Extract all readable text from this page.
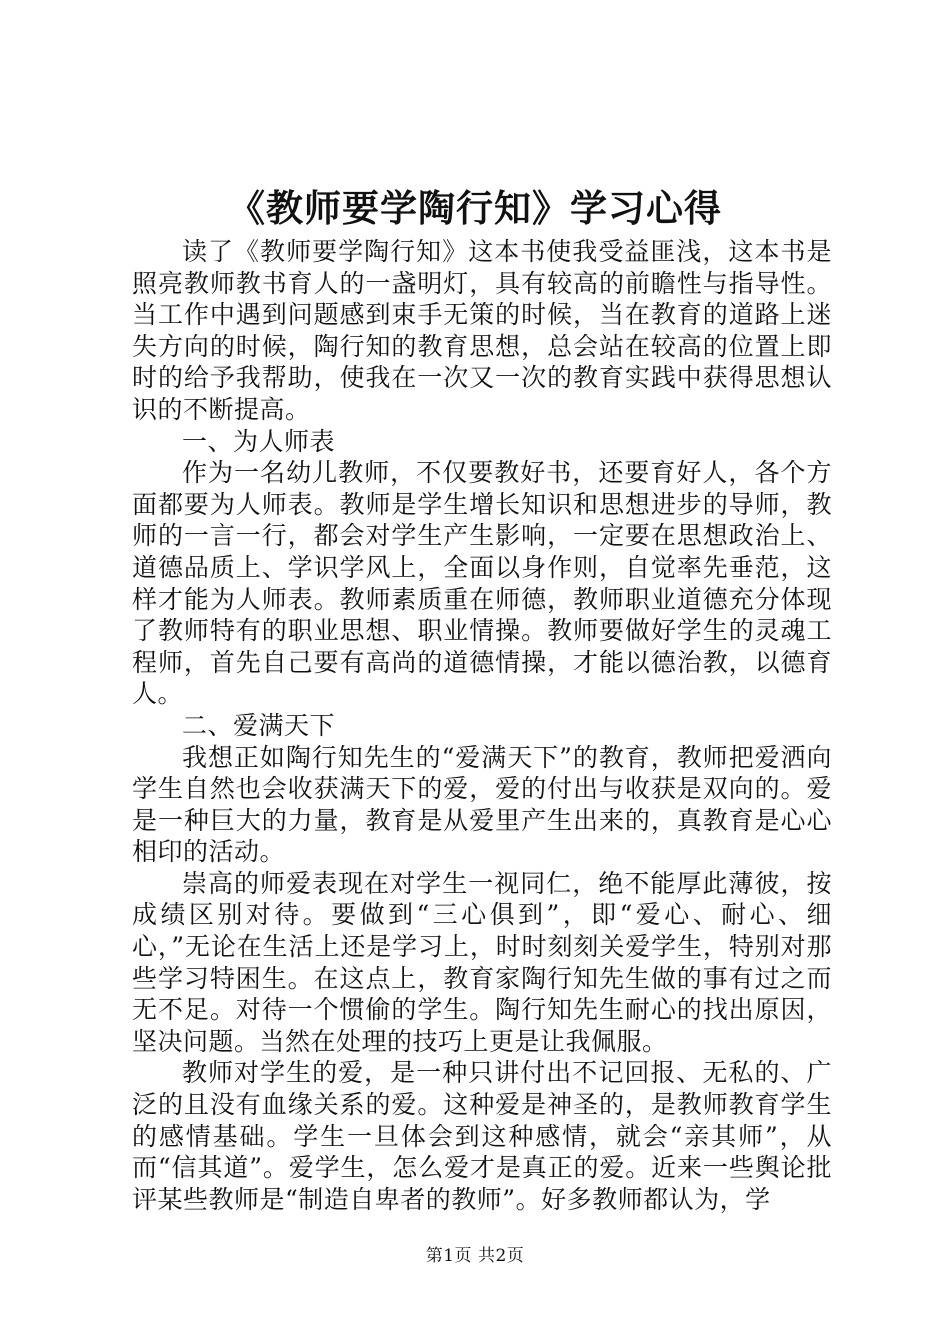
《教师要学陶行知》学习心得

读了《教师要学陶行知》这本书使我受益匪浅，这本书是照亮教师教书育人的一盏明灯，具有较高的前瞻性与指导性。当工作中遇到问题感到束手无策的时候，当在教育的道路上迷失方向的时候，陶行知的教育思想，总会站在较高的位置上即时的给予我帮助，使我在一次又一次的教育实践中获得思想认识的不断提高。

一、为人师表

作为一名幼儿教师，不仅要教好书，还要育好人，各个方面都要为人师表。教师是学生增长知识和思想进步的导师，教师的一言一行，都会对学生产生影响，一定要在思想政治上、道德品质上、学识学风上，全面以身作则，自觉率先垂范，这样才能为人师表。教师素质重在师德，教师职业道德充分体现了教师特有的职业思想、职业情操。教师要做好学生的灵魂工程师，首先自己要有高尚的道德情操，才能以德治教，以德育人。

二、爱满天下

我想正如陶行知先生的“爱满天下”的教育，教师把爱洒向学生自然也会收获满天下的爱，爱的付出与收获是双向的。爱是一种巨大的力量，教育是从爱里产生出来的，真教育是心心相印的活动。

崇高的师爱表现在对学生一视同仁，绝不能厚此薄彼，按成绩区别对待。要做到“三心俱到”，即“爱心、耐心、细心，”无论在生活上还是学习上，时时刻刻关爱学生，特别对那些学习特困生。在这点上，教育家陶行知先生做的事有过之而无不足。对待一个惯偷的学生。陶行知先生耐心的找出原因，坚决问题。当然在处理的技巧上更是让我佩服。

教师对学生的爱，是一种只讲付出不记回报、无私的、广泛的且没有血缘关系的爱。这种爱是神圣的，是教师教育学生的感情基础。学生一旦体会到这种感情，就会“亲其师”，从而“信其道”。爱学生，怎么爱才是真正的爱。近来一些舆论批评某些教师是“制造自卑者的教师”。好多教师都认为，学

第1页 共2页
